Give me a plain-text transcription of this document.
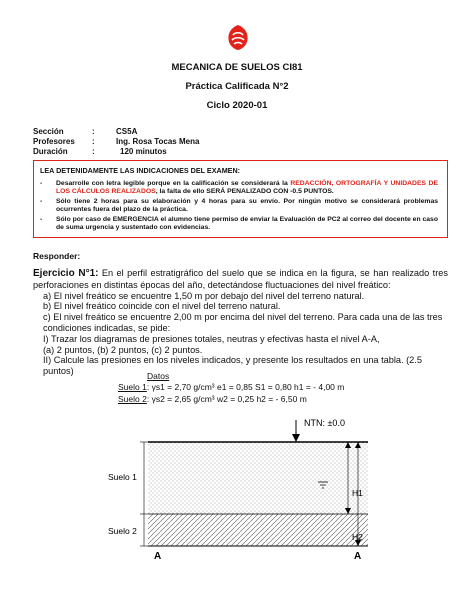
MECANICA DE SUELOS CI81
Práctica Calificada N°2
Ciclo 2020-01
Sección	:	CS5A
Profesores :	Ing. Rosa Tocas Mena
Duración	:	120 minutos
LEA DETENIDAMENTE LAS INDICACIONES DEL EXAMEN:
- Desarrolle con letra legible porque en la calificación se considerará la REDACCIÓN, ORTOGRAFÍA Y UNIDADES DE LOS CÁLCULOS REALIZADOS, la falta de ello SERÁ PENALIZADO CON -0.5 PUNTOS.
- Sólo tiene 2 horas para su elaboración y 4 horas para su envío. Por ningún motivo se considerará problemas ocurrentes fuera del plazo de la práctica.
- Sólo por caso de EMERGENCIA el alumno tiene permiso de enviar la Evaluación de PC2 al correo del docente en caso de suma urgencia y sustentado con evidencias.
Responder:

Ejercicio N°1: En el perfil estratigráfico del suelo que se indica en la figura, se han realizado tres perforaciones en distintas épocas del año, detectándose fluctuaciones del nivel freático:

a) El nivel freático se encuentre 1,50 m por debajo del nivel del terreno natural.

b) El nivel freático coincide con el nivel del terreno natural.

c) El nivel freático se encuentre 2,00 m por encima del nivel del terreno. Para cada una de las tres condiciones indicadas, se pide:

I) Trazar los diagramas de presiones totales, neutras y efectivas hasta el nivel A-A,

(a) 2 puntos, (b) 2 puntos, (c) 2 puntos.

II) Calcule las presiones en los niveles indicados, y presente los resultados en una tabla. (2.5 puntos)	Datos
Suelo 1: γs1 = 2,70 g/cm³ e1 = 0,85 S1 = 0,80 h1 = - 4,00 m
Suelo 2: γs2 = 2,65 g/cm³ w2 = 0,25 h2 = - 6,50 m
NTN: ±0.0
Suelo 1
Suelo 2
H1
H2
A	A
